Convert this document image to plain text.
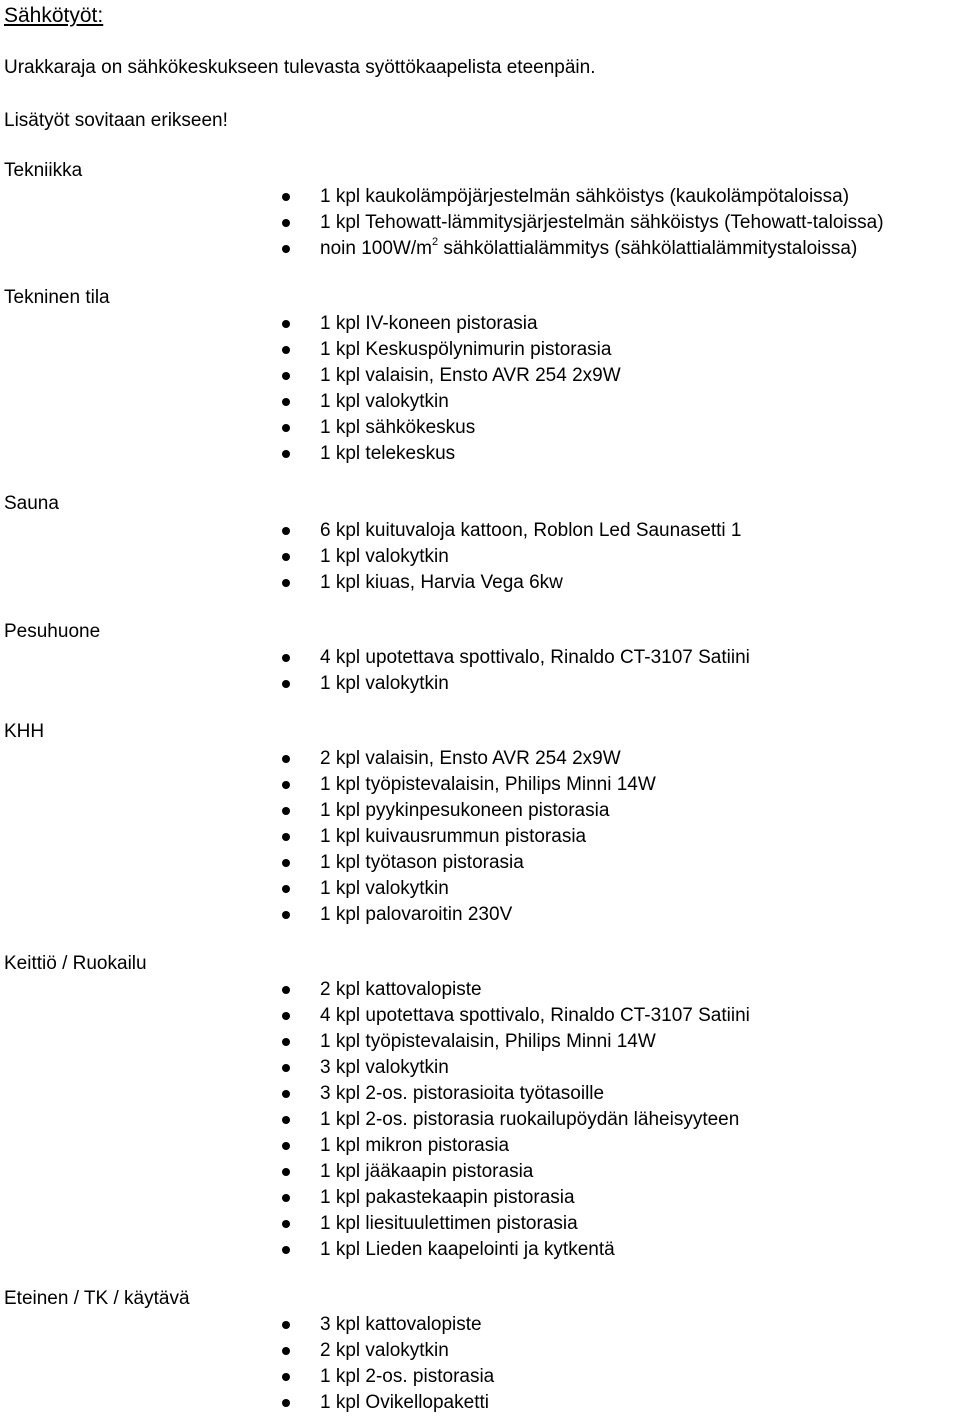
Sähkötyöt:
Urakkaraja on sähkökeskukseen tulevasta syöttökaapelista eteenpäin.
Lisätyöt sovitaan erikseen!
Tekniikka
1 kpl kaukolämpöjärjestelmän sähköistys (kaukolämpötaloissa)
1 kpl Tehowatt-lämmitysjärjestelmän sähköistys (Tehowatt-taloissa)
noin $100W/m^2$ sähkölattialämmitys (sähkölattialämmitystaloissa)
Tekninen tila
1 kpl IV-koneen pistorasia
1 kpl Keskuspölynimurin pistorasia
1 kpl valaisin, Ensto AVR 254 2x9W
1 kpl valokytkin
1 kpl sähkökeskus
1 kpl telekeskus
Sauna
6 kpl kuituvaloja kattoon, Roblon Led Saunasetti 1
1 kpl valokytkin
1 kpl kiuas, Harvia Vega 6kw
Pesuhuone
4 kpl upotettava spottivalo, Rinaldo CT-3107 Satiini
1 kpl valokytkin
KHH
2 kpl valaisin, Ensto AVR 254 2x9W
1 kpl työpistevalaisin, Philips Minni 14W
1 kpl pyykinpesukoneen pistorasia
1 kpl kuivausrummun pistorasia
1 kpl työtason pistorasia
1 kpl valokytkin
1 kpl palovaroitin 230V
Keittiö / Ruokailu
2 kpl kattovalopiste
4 kpl upotettava spottivalo, Rinaldo CT-3107 Satiini
1 kpl työpistevalaisin, Philips Minni 14W
3 kpl valokytkin
3 kpl 2-os. pistorasioita työtasoille
1 kpl 2-os. pistorasia ruokailupöydän läheisyyteen
1 kpl mikron pistorasia
1 kpl jääkaapin pistorasia
1 kpl pakastekaapin pistorasia
1 kpl liesituulettimen pistorasia
1 kpl Lieden kaapelointi ja kytkentä
Eteinen / TK / käytävä
3 kpl kattovalopiste
2 kpl valokytkin
1 kpl 2-os. pistorasia
1 kpl Ovikellopaketti
